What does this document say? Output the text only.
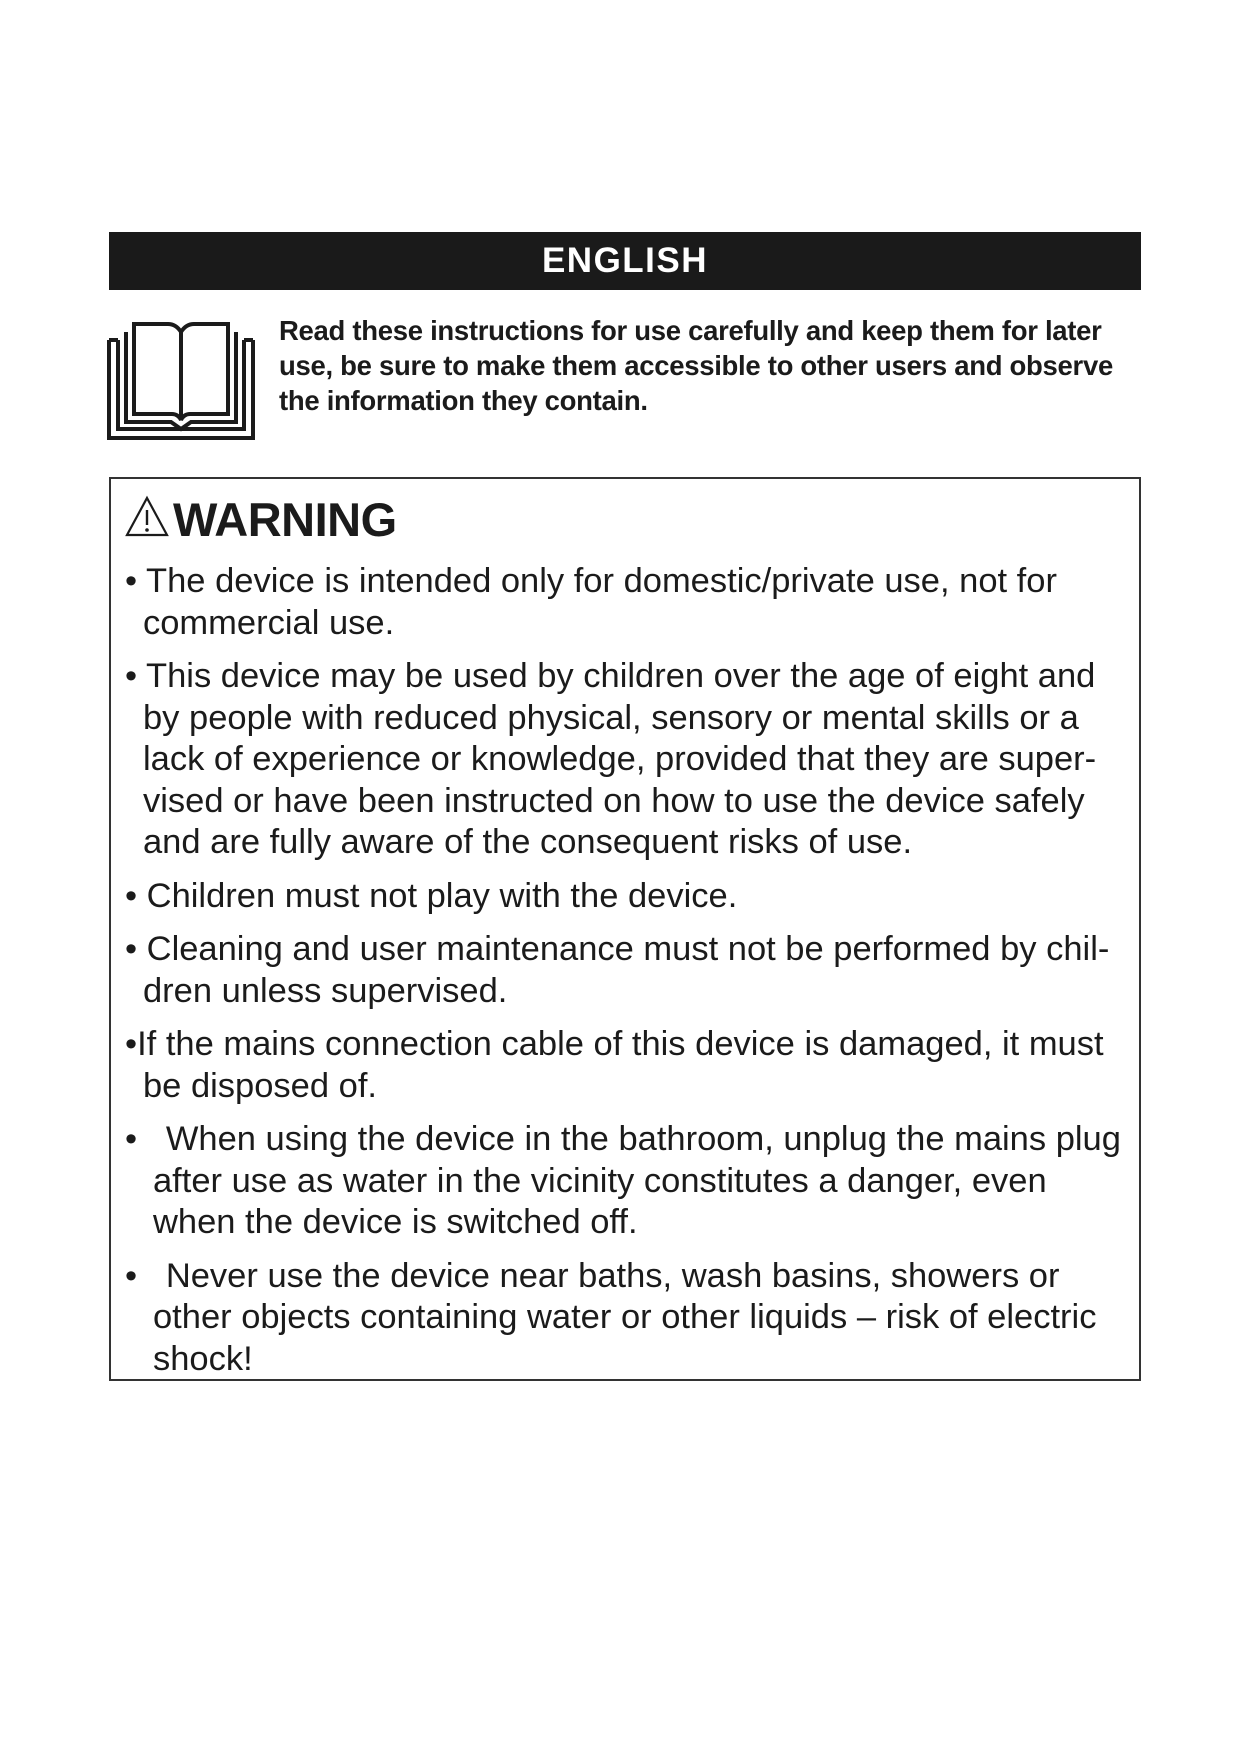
ENGLISH
Read these instructions for use carefully and keep them for later
use, be sure to make them accessible to other users and observe
the information they contain.
WARNING
• The device is intended only for domestic/private use, not for
commercial use.
• This device may be used by children over the age of eight and
by people with reduced physical, sensory or mental skills or a
lack of experience or knowledge, provided that they are super-
vised or have been instructed on how to use the device safely
and are fully aware of the consequent risks of use.
• Children must not play with the device.
• Cleaning and user maintenance must not be performed by chil-
dren unless supervised.
•If the mains connection cable of this device is damaged, it must
be disposed of.
•   When using the device in the bathroom, unplug the mains plug
after use as water in the vicinity constitutes a danger, even
when the device is switched off.
•   Never use the device near baths, wash basins, showers or
other objects containing water or other liquids – risk of electric
shock!
